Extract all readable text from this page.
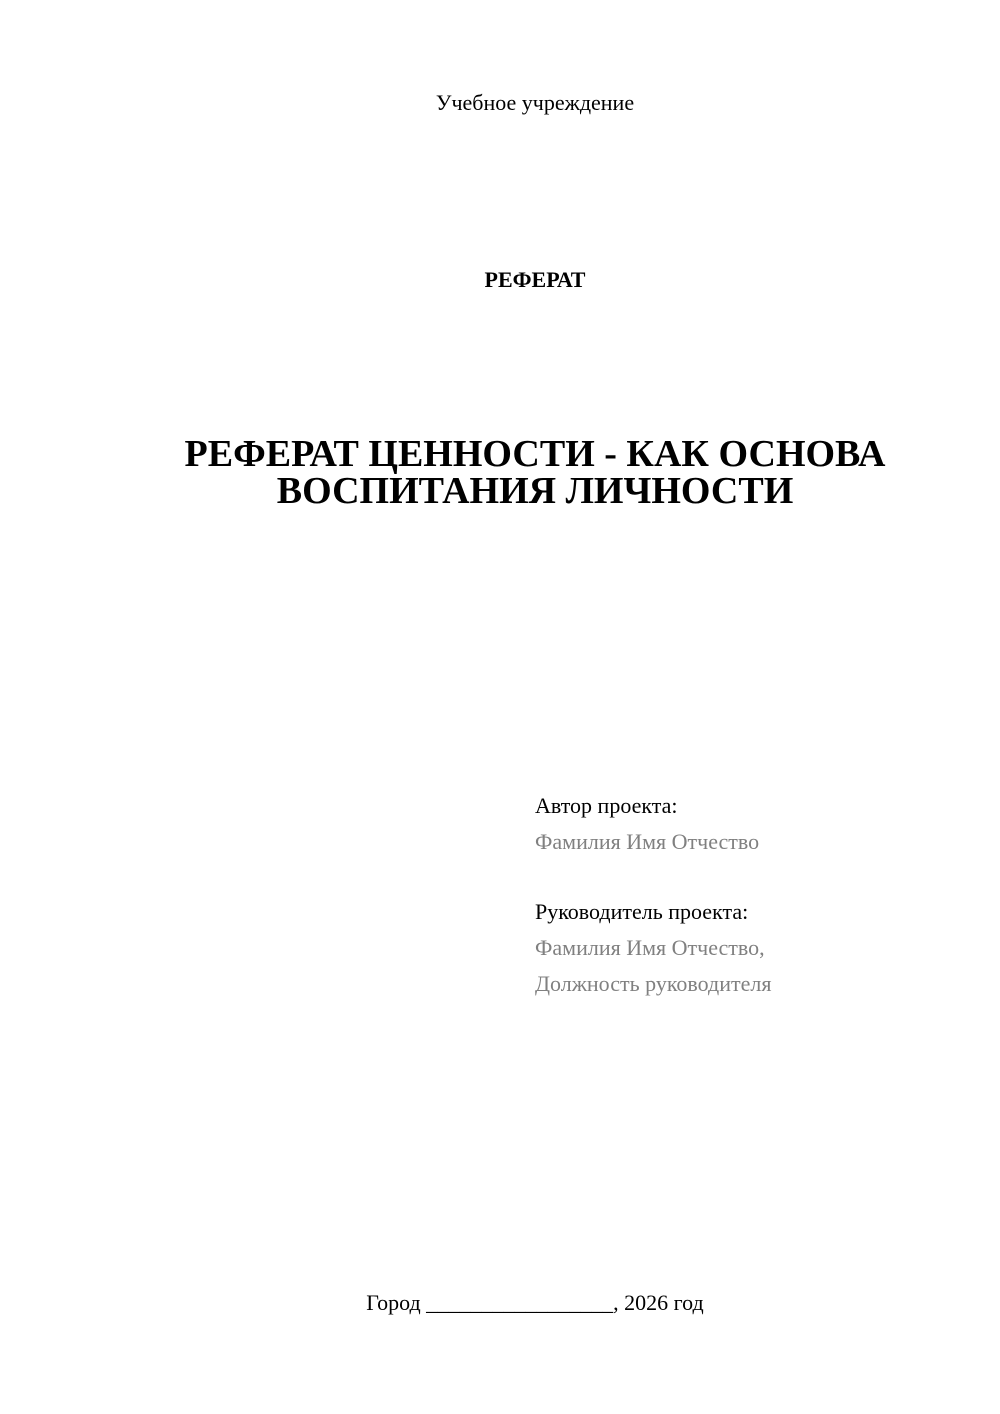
Учебное учреждение
РЕФЕРАТ
РЕФЕРАТ ЦЕННОСТИ - КАК ОСНОВА
ВОСПИТАНИЯ ЛИЧНОСТИ
Автор проекта:
Фамилия Имя Отчество
Руководитель проекта:
Фамилия Имя Отчество,
Должность руководителя
Город _________________, 2026 год
